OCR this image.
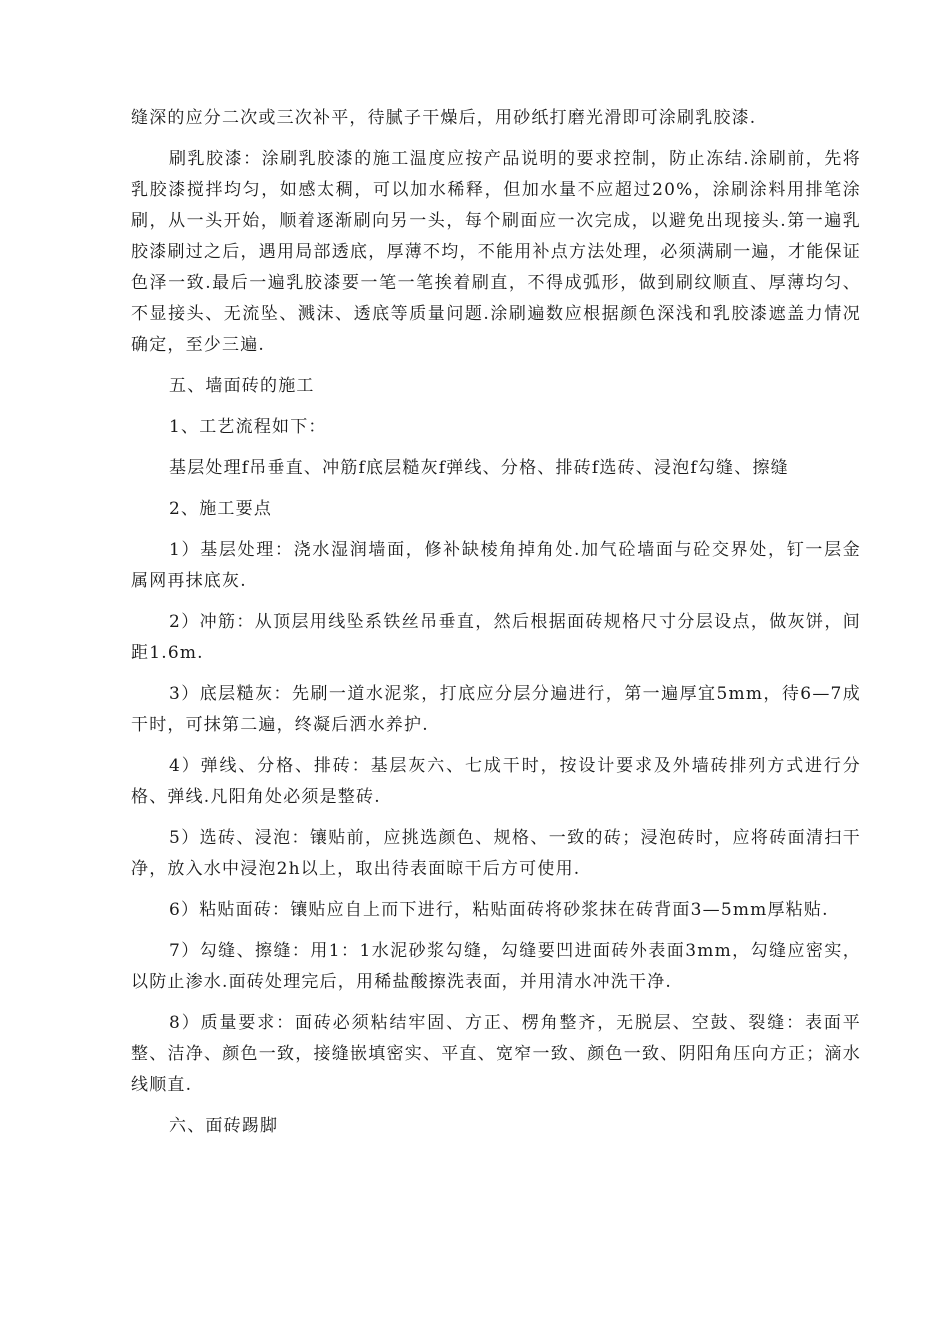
缝深的应分二次或三次补平，待腻子干燥后，用砂纸打磨光滑即可涂刷乳胶漆.

刷乳胶漆：涂刷乳胶漆的施工温度应按产品说明的要求控制，防止冻结.涂刷前，先将乳胶漆搅拌均匀，如感太稠，可以加水稀释，但加水量不应超过20%，涂刷涂料用排笔涂刷，从一头开始，顺着逐渐刷向另一头，每个刷面应一次完成，以避免出现接头.第一遍乳胶漆刷过之后，遇用局部透底，厚薄不均，不能用补点方法处理，必须满刷一遍，才能保证色泽一致.最后一遍乳胶漆要一笔一笔挨着刷直，不得成弧形，做到刷纹顺直、厚薄均匀、不显接头、无流坠、溅沫、透底等质量问题.涂刷遍数应根据颜色深浅和乳胶漆遮盖力情况确定，至少三遍.

五、墙面砖的施工

1、工艺流程如下：

基层处理f吊垂直、冲筋f底层糙灰f弹线、分格、排砖f选砖、浸泡f勾缝、擦缝

2、施工要点

1）基层处理：浇水湿润墙面，修补缺棱角掉角处.加气砼墙面与砼交界处，钉一层金属网再抹底灰.

2）冲筋：从顶层用线坠系铁丝吊垂直，然后根据面砖规格尺寸分层设点，做灰饼，间距1.6m.

3）底层糙灰：先刷一道水泥浆，打底应分层分遍进行，第一遍厚宜5mm，待6—7成干时，可抹第二遍，终凝后洒水养护.

4）弹线、分格、排砖：基层灰六、七成干时，按设计要求及外墙砖排列方式进行分格、弹线.凡阳角处必须是整砖.

5）选砖、浸泡：镶贴前，应挑选颜色、规格、一致的砖；浸泡砖时，应将砖面清扫干净，放入水中浸泡2h以上，取出待表面晾干后方可使用.

6）粘贴面砖：镶贴应自上而下进行，粘贴面砖将砂浆抹在砖背面3—5mm厚粘贴.

7）勾缝、擦缝：用1：1水泥砂浆勾缝，勾缝要凹进面砖外表面3mm，勾缝应密实，以防止渗水.面砖处理完后，用稀盐酸擦洗表面，并用清水冲洗干净.

8）质量要求：面砖必须粘结牢固、方正、楞角整齐，无脱层、空鼓、裂缝：表面平整、洁净、颜色一致，接缝嵌填密实、平直、宽窄一致、颜色一致、阴阳角压向方正；滴水线顺直.

六、面砖踢脚
